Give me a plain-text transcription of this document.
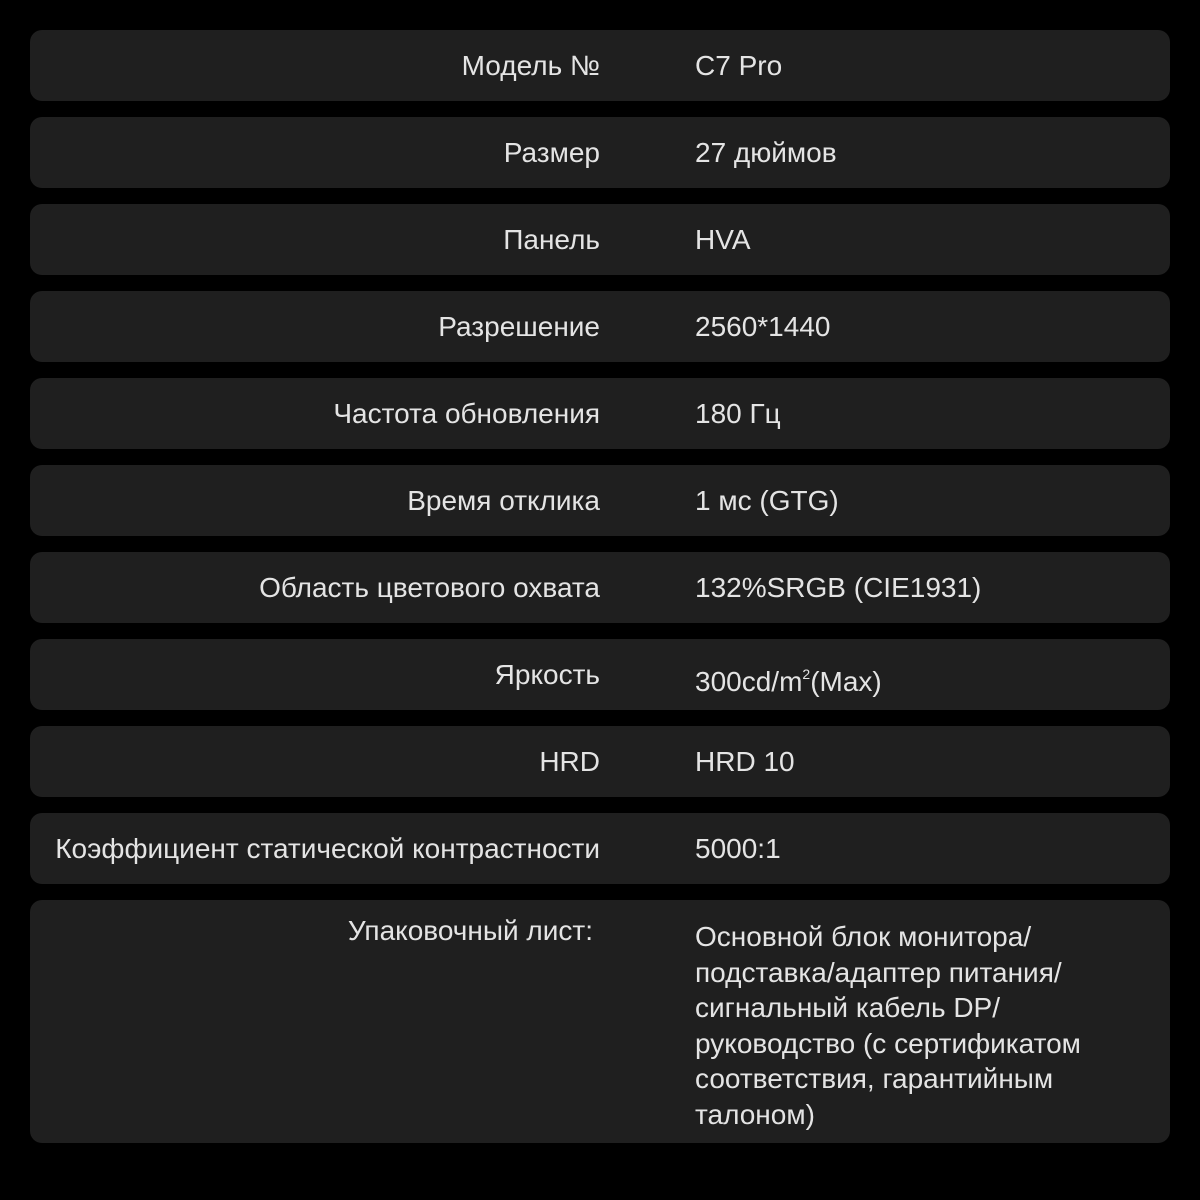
Модель №	C7 Pro
Размер	27 дюймов
Панель	HVA
Разрешение	2560*1440
Частота обновления	180 Гц
Время отклика	1 мс (GTG)
Область цветового охвата	132%SRGB (CIE1931)
Яркость	$300cd/m^2(Max)$
HRD	HRD 10
Коэффициент статической контрастности	5000:1
Упаковочный лист:	Основной блок монитора/
подставка/адаптер питания/
сигнальный кабель DP/
руководство (с сертификатом
соответствия, гарантийным
талоном)
